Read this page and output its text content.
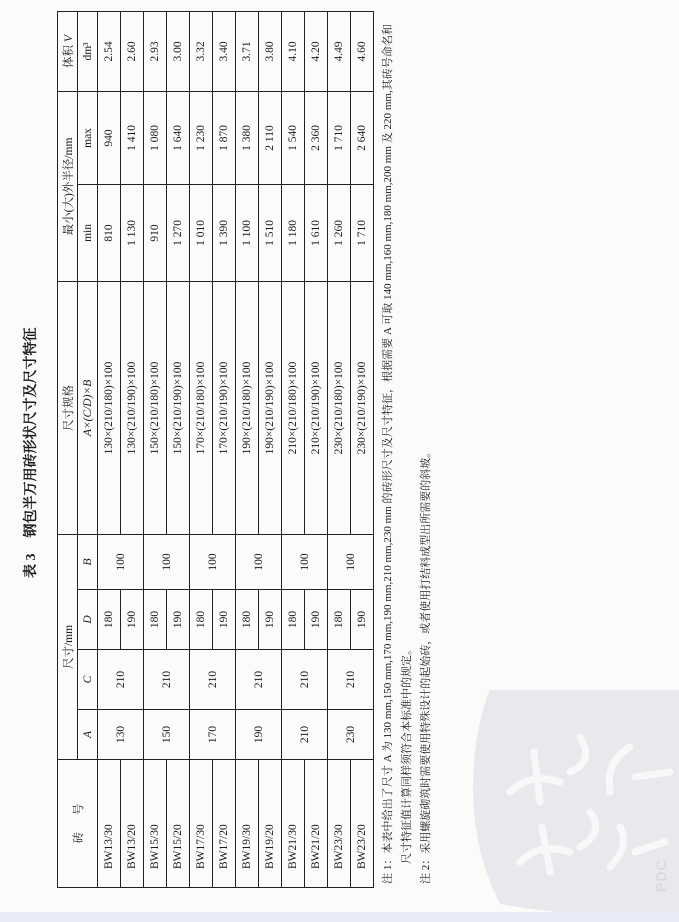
表 3钢包半万用砖形状尺寸及尺寸特征
砖 号	尺寸/mm				尺寸规格	最小(大)外半径/mm		体积V
	A	C	D	B	A×(C/D)×B	min	max	dm³
BW13/30	130	210	180	100	130×(210/180)×100	810	940	2.54
BW13/20			190		130×(210/190)×100	1 130	1 410	2.60
BW15/30	150	210	180	100	150×(210/180)×100	910	1 080	2.93
BW15/20			190		150×(210/190)×100	1 270	1 640	3.00
BW17/30	170	210	180	100	170×(210/180)×100	1 010	1 230	3.32
BW17/20			190		170×(210/190)×100	1 390	1 870	3.40
BW19/30	190	210	180	100	190×(210/180)×100	1 100	1 380	3.71
BW19/20			190		190×(210/190)×100	1 510	2 110	3.80
BW21/30	210	210	180	100	210×(210/180)×100	1 180	1 540	4.10
BW21/20			190		210×(210/190)×100	1 610	2 360	4.20
BW23/30	230	210	180	100	230×(210/180)×100	1 260	1 710	4.49
BW23/20			190		230×(210/190)×100	1 710	2 640	4.60 注 1：本表中给出了尺寸 A 为 130 mm,150 mm,170 mm,190 mm,210 mm,230 mm 的砖形尺寸及尺寸特征，根据需要 A 可取 140 mm,160 mm,180 mm,200 mm 及 220 mm,其砖号命名和尺寸特征值计算同样须符合本标准中的规定。 注 2：采用螺旋砌筑时需要使用特殊设计的起始砖，或者使用打结料成型出所需要的斜坡。	PDC
